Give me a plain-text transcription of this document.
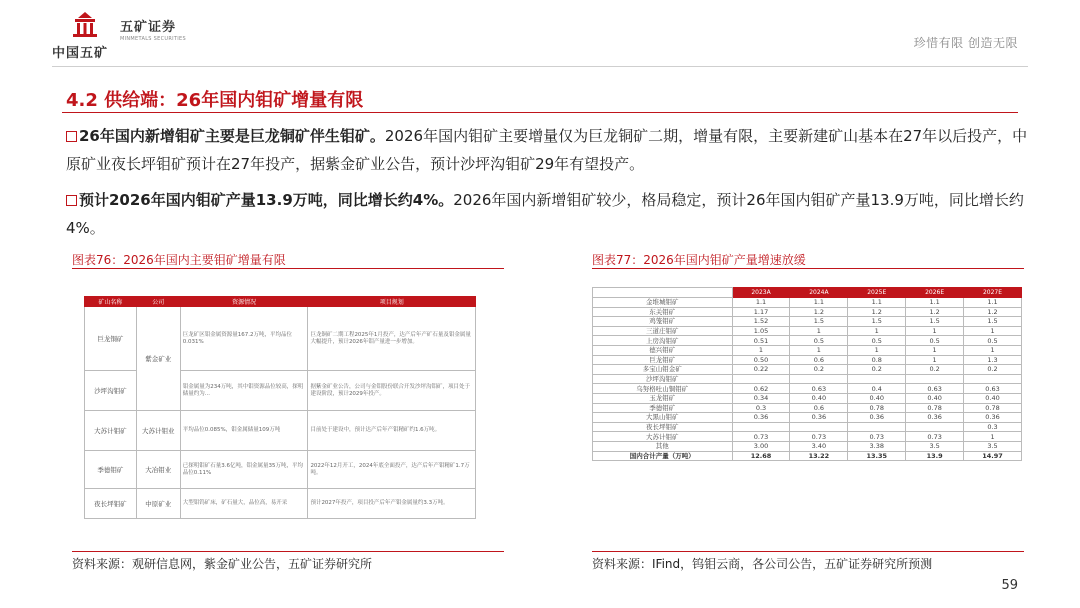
中国五矿
五矿证券
MINMETALS SECURITIES	珍惜有限 创造无限
4.2 供给端：26年国内钼矿增量有限
26年国内新增钼矿主要是巨龙铜矿伴生钼矿。2026年国内钼矿主要增量仅为巨龙铜矿二期，增量有限，主要新建矿山基本在27年以后投产，中原矿业夜长坪钼矿预计在27年投产，据紫金矿业公告，预计沙坪沟钼矿29年有望投产。
预计2026年国内钼矿产量13.9万吨，同比增长约4%。2026年国内新增钼矿较少，格局稳定，预计26年国内钼矿产量13.9万吨，同比增长约4%。
图表76：2026年国内主要钼矿增量有限
矿山名称	公司	资源情况	项目规划
巨龙铜矿	紫金矿业	巨龙矿区钼金属资源量167.2万吨，平均品位0.031%	巨龙铜矿二期工程2025年1月投产，达产后年产矿石量及钼金属量大幅提升，预计2026年钼产量进一步增加。
沙坪沟钼矿		钼金属量为234万吨，其中钼资源品位较高，探明储量约为...	据紫金矿业公告，公司与金钼股份联合开发沙坪沟钼矿，项目处于建设阶段，预计2029年投产。
大苏计钼矿	大苏计钼业	平均品位0.085%，钼金属储量109万吨	目前处于建设中，预计达产后年产钼精矿约1.6万吨。
季德钼矿	大冶钼业	已探明钼矿石量3.6亿吨，钼金属量35万吨，平均品位0.11%	2022年12月开工，2024年底全面投产，达产后年产钼精矿1.7万吨。
夜长坪钼矿	中原矿业	大型钼钨矿床，矿石量大，品位高，易开采	预计2027年投产，项目投产后年产钼金属量约3.3万吨。
资料来源：观研信息网，紫金矿业公告，五矿证券研究所
图表77：2026年国内钼矿产量增速放缓
	2023A	2024A	2025E	2026E	2027E
金堆城钼矿	1.1	1.1	1.1	1.1	1.1
东关钼矿	1.17	1.2	1.2	1.2	1.2
鸡笼钼矿	1.52	1.5	1.5	1.5	1.5
三道庄钼矿	1.05	1	1	1	1
上房沟钼矿	0.51	0.5	0.5	0.5	0.5
德兴钼矿	1	1	1	1	1
巨龙钼矿	0.50	0.6	0.8	1	1.3
多宝山钼金矿	0.22	0.2	0.2	0.2	0.2
沙坪沟钼矿					
乌努格吐山铜钼矿	0.62	0.63	0.4	0.63	0.63
玉龙钼矿	0.34	0.40	0.40	0.40	0.40
季德钼矿	0.3	0.6	0.78	0.78	0.78
大黑山钼矿	0.36	0.36	0.36	0.36	0.36
夜长坪钼矿					0.3
大苏计钼矿	0.73	0.73	0.73	0.73	1
其他	3.00	3.40	3.38	3.5	3.5
国内合计产量（万吨）	12.68	13.22	13.35	13.9	14.97
资料来源：IFind，钨钼云商，各公司公告，五矿证券研究所预测
59
